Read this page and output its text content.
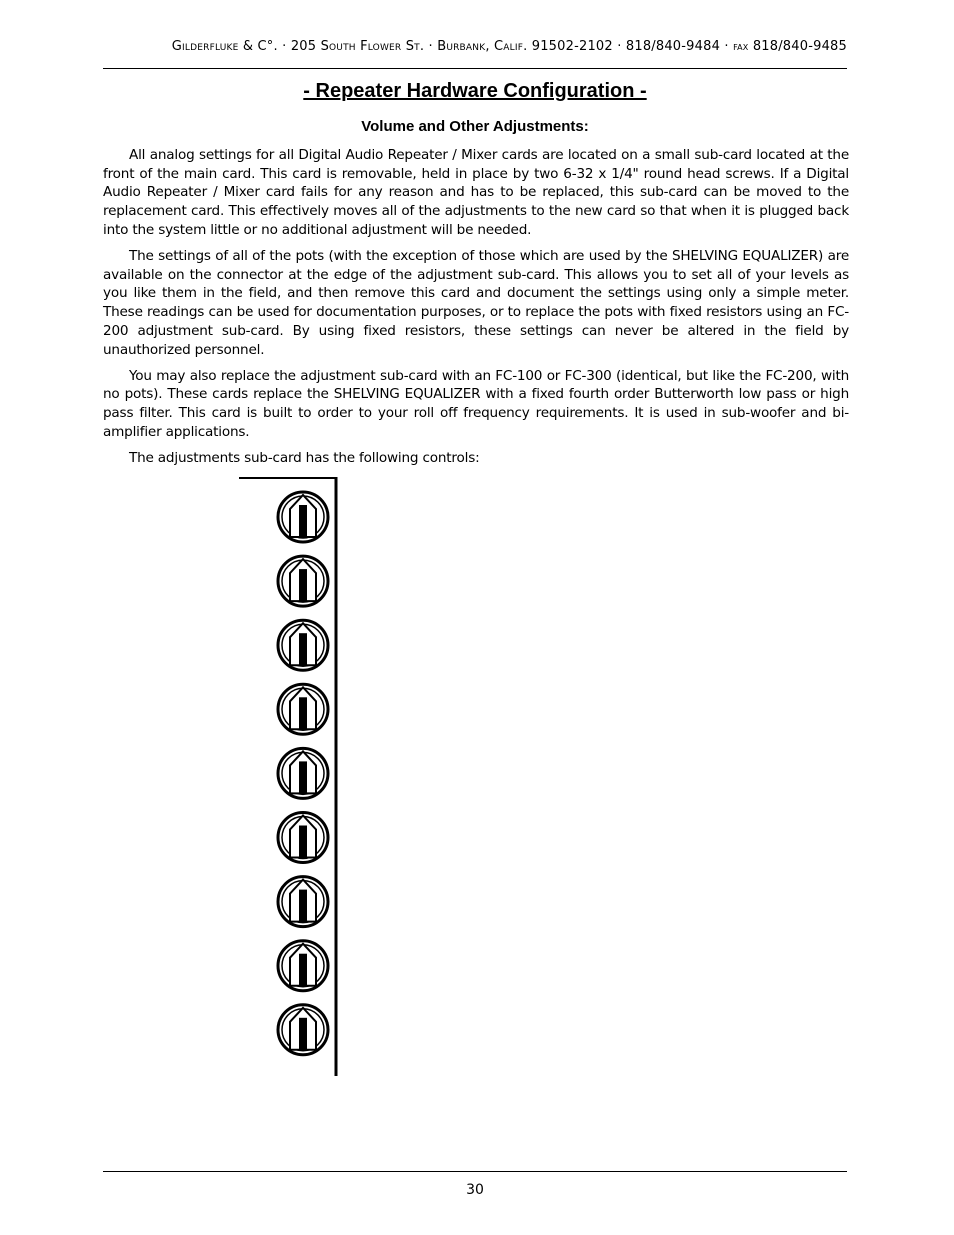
Gilderfluke & C°. · 205 South Flower St. · Burbank, Calif. 91502-2102 · 818/840-9484 · fax 818/840-9485
- Repeater Hardware Configuration -
Volume and Other Adjustments:

All analog settings for all Digital Audio Repeater / Mixer cards are located on a small sub-card located at the front of the main card. This card is removable, held in place by two 6-32 x 1/4" round head screws. If a Digital Audio Repeater / Mixer card fails for any reason and has to be replaced, this sub-card can be moved to the replacement card. This effectively moves all of the adjustments to the new card so that when it is plugged back into the system little or no additional adjustment will be needed.

The settings of all of the pots (with the exception of those which are used by the SHELVING EQUALIZER) are available on the connector at the edge of the adjustment sub-card. This allows you to set all of your levels as you like them in the field, and then remove this card and document the settings using only a simple meter. These readings can be used for documentation purposes, or to replace the pots with fixed resistors using an FC-200 adjustment sub-card. By using fixed resistors, these settings can never be altered in the field by unauthorized personnel.

You may also replace the adjustment sub-card with an FC-100 or FC-300 (identical, but like the FC-200, with no pots). These cards replace the SHELVING EQUALIZER with a fixed fourth order Butterworth low pass or high pass filter. This card is built to order to your roll off frequency requirements. It is used in sub-woofer and bi-amplifier applications.

The adjustments sub-card has the following controls:

30
